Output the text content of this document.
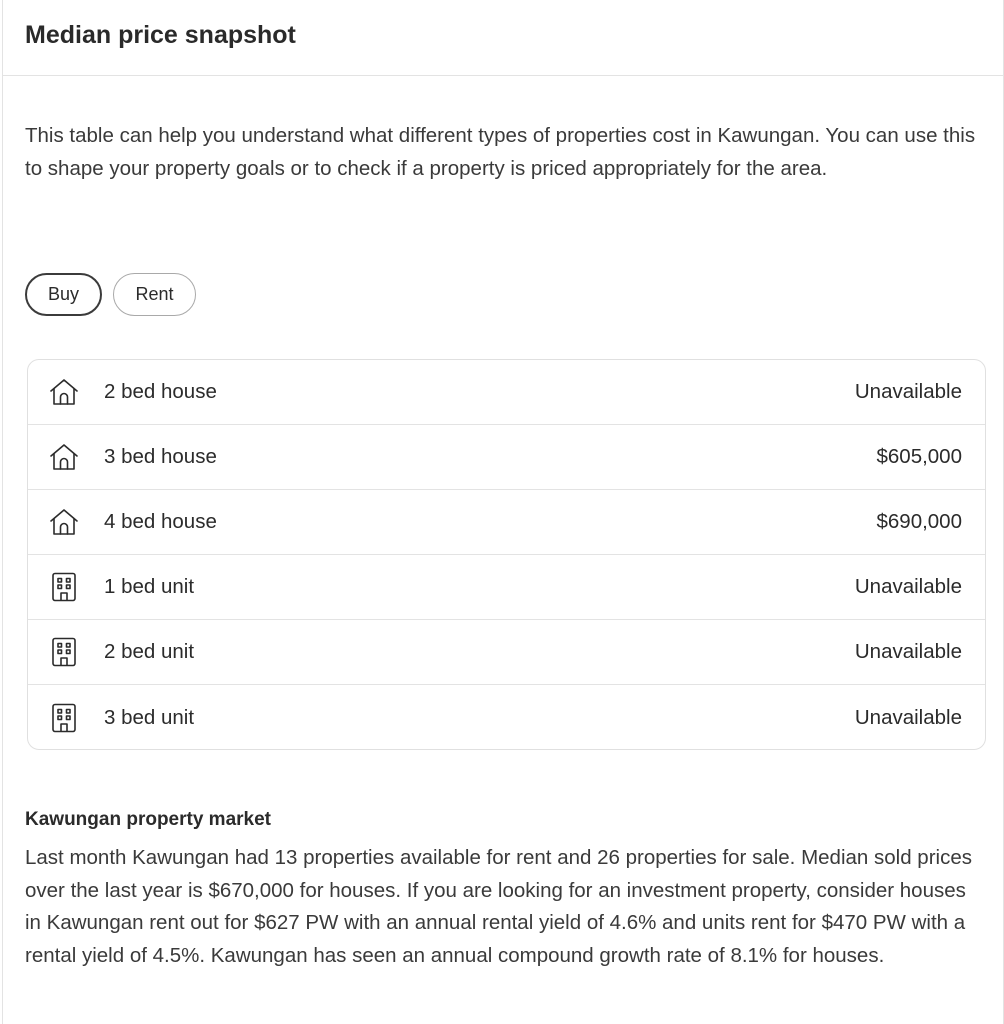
Median price snapshot

This table can help you understand what different types of properties cost in Kawungan. You can use this to shape your property goals or to check if a property is priced appropriately for the area.

Buy	Rent
2 bed house	Unavailable
3 bed house	$605,000
4 bed house	$690,000
1 bed unit	Unavailable
2 bed unit	Unavailable
3 bed unit	Unavailable
Kawungan property market

Last month Kawungan had 13 properties available for rent and 26 properties for sale. Median sold prices over the last year is $670,000 for houses. If you are looking for an investment property, consider houses in Kawungan rent out for $627 PW with an annual rental yield of 4.6% and units rent for $470 PW with a rental yield of 4.5%. Kawungan has seen an annual compound growth rate of 8.1% for houses.
